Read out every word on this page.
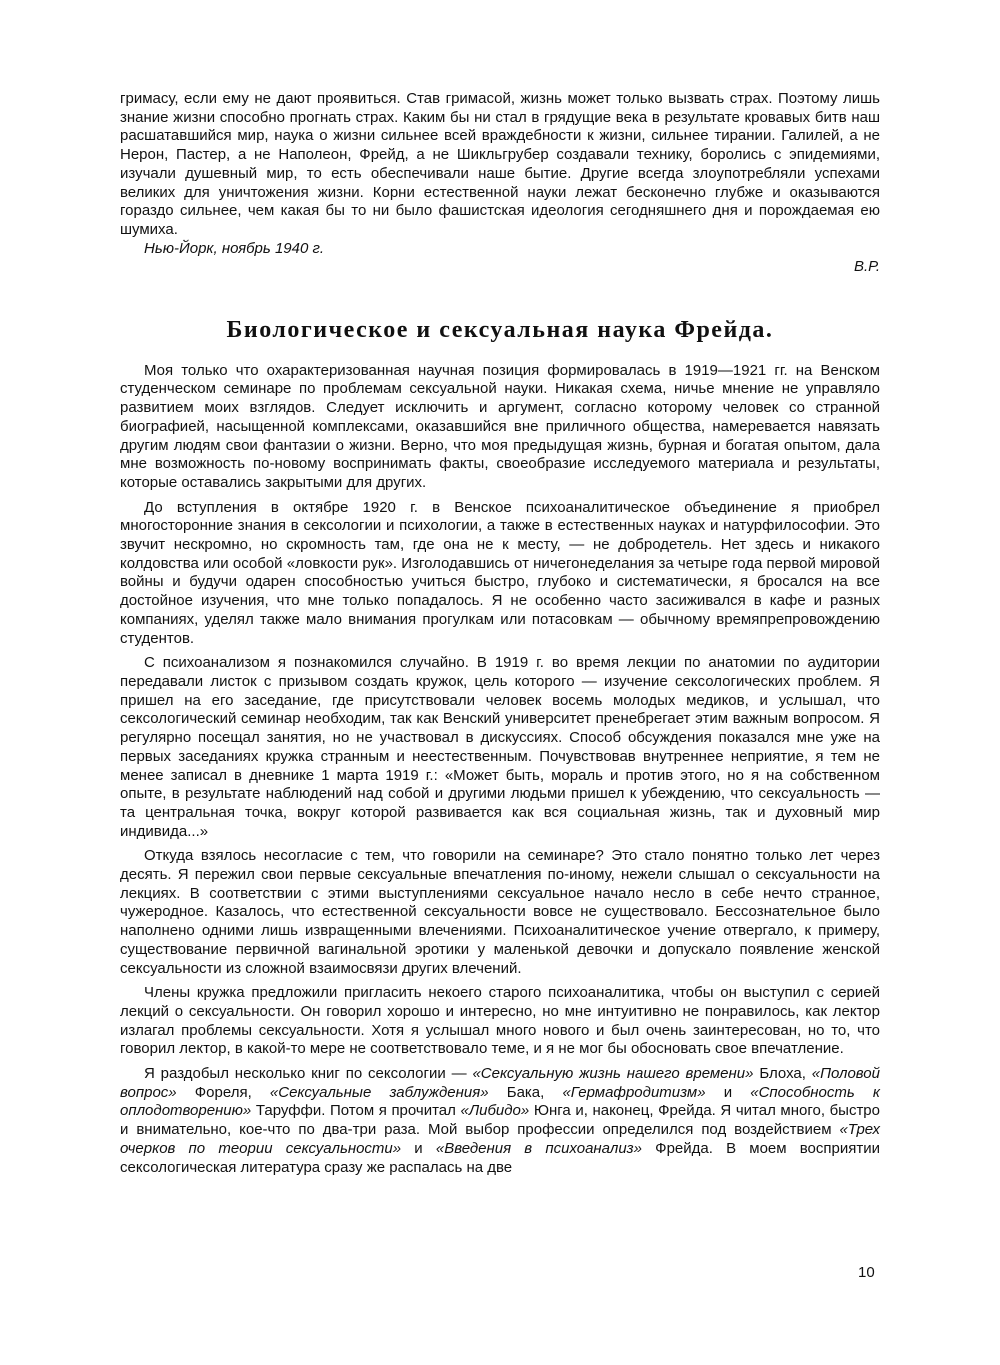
гримасу, если ему не дают проявиться. Став гримасой, жизнь может только вызвать страх. Поэтому лишь знание жизни способно прогнать страх. Каким бы ни стал в грядущие века в результате кровавых битв наш расшатавшийся мир, наука о жизни сильнее всей враждебности к жизни, сильнее тирании. Галилей, а не Нерон, Пастер, а не Наполеон, Фрейд, а не Шикльгрубер создавали технику, боролись с эпидемиями, изучали душевный мир, то есть обеспечивали наше бытие. Другие всегда злоупотребляли успехами великих для уничтожения жизни. Корни естественной науки лежат бесконечно глубже и оказываются гораздо сильнее, чем какая бы то ни было фашистская идеология сегодняшнего дня и порождаемая ею шумиха.

Нью-Йорк, ноябрь 1940 г.

В.Р.

Биологическое и сексуальная наука Фрейда.

Моя только что охарактеризованная научная позиция формировалась в 1919—1921 гг. на Венском студенческом семинаре по проблемам сексуальной науки. Никакая схема, ничье мнение не управляло развитием моих взглядов. Следует исключить и аргумент, согласно которому человек со странной биографией, насыщенной комплексами, оказавшийся вне приличного общества, намеревается навязать другим людям свои фантазии о жизни. Верно, что моя предыдущая жизнь, бурная и богатая опытом, дала мне возможность по-новому воспринимать факты, своеобразие исследуемого материала и результаты, которые оставались закрытыми для других.

До вступления в октябре 1920 г. в Венское психоаналитическое объединение я приобрел многосторонние знания в сексологии и психологии, а также в естественных науках и натурфилософии. Это звучит нескромно, но скромность там, где она не к месту, — не добродетель. Нет здесь и никакого колдовства или особой «ловкости рук». Изголодавшись от ничегонеделания за четыре года первой мировой войны и будучи одарен способностью учиться быстро, глубоко и систематически, я бросался на все достойное изучения, что мне только попадалось. Я не особенно часто засиживался в кафе и разных компаниях, уделял также мало внимания прогулкам или потасовкам — обычному времяпрепровождению студентов.

С психоанализом я познакомился случайно. В 1919 г. во время лекции по анатомии по аудитории передавали листок с призывом создать кружок, цель которого — изучение сексологических проблем. Я пришел на его заседание, где присутствовали человек восемь молодых медиков, и услышал, что сексологический семинар необходим, так как Венский университет пренебрегает этим важным вопросом. Я регулярно посещал занятия, но не участвовал в дискуссиях. Способ обсуждения показался мне уже на первых заседаниях кружка странным и неестественным. Почувствовав внутреннее неприятие, я тем не менее записал в дневнике 1 марта 1919 г.: «Может быть, мораль и против этого, но я на собственном опыте, в результате наблюдений над собой и другими людьми пришел к убеждению, что сексуальность — та центральная точка, вокруг которой развивается как вся социальная жизнь, так и духовный мир индивида...»

Откуда взялось несогласие с тем, что говорили на семинаре? Это стало понятно только лет через десять. Я пережил свои первые сексуальные впечатления по-иному, нежели слышал о сексуальности на лекциях. В соответствии с этими выступлениями сексуальное начало несло в себе нечто странное, чужеродное. Казалось, что естественной сексуальности вовсе не существовало. Бессознательное было наполнено одними лишь извращенными влечениями. Психоаналитическое учение отвергало, к примеру, существование первичной вагинальной эротики у маленькой девочки и допускало появление женской сексуальности из сложной взаимосвязи других влечений.

Члены кружка предложили пригласить некоего старого психоаналитика, чтобы он выступил с серией лекций о сексуальности. Он говорил хорошо и интересно, но мне интуитивно не понравилось, как лектор излагал проблемы сексуальности. Хотя я услышал много нового и был очень заинтересован, но то, что говорил лектор, в какой-то мере не соответствовало теме, и я не мог бы обосновать свое впечатление.

Я раздобыл несколько книг по сексологии — «Сексуальную жизнь нашего времени» Блоха, «Половой вопрос» Фореля, «Сексуальные заблуждения» Бака, «Гермафродитизм» и «Способность к оплодотворению» Таруффи. Потом я прочитал «Либидо» Юнга и, наконец, Фрейда. Я читал много, быстро и внимательно, кое-что по два-три раза. Мой выбор профессии определился под воздействием «Трех очерков по теории сексуальности» и «Введения в психоанализ» Фрейда. В моем восприятии сексологическая литература сразу же распалась на две

10
